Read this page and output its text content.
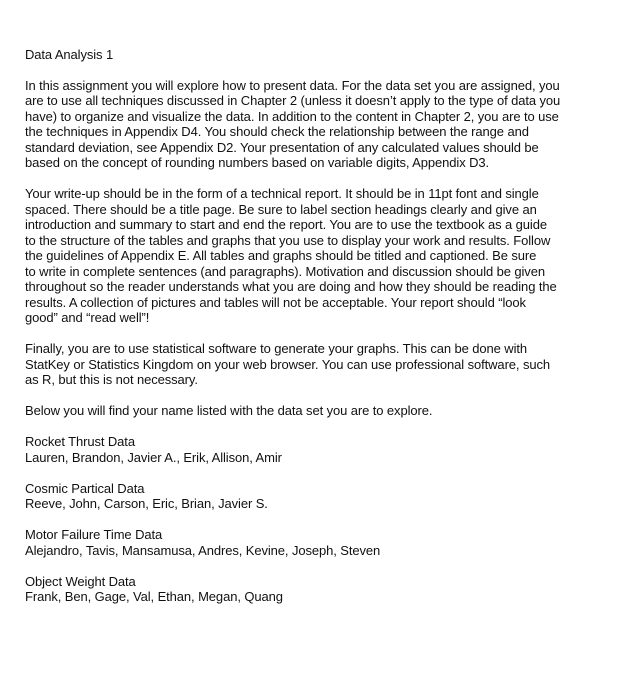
Data Analysis 1
In this assignment you will explore how to present data. For the data set you are assigned, you
are to use all techniques discussed in Chapter 2 (unless it doesn’t apply to the type of data you
have) to organize and visualize the data. In addition to the content in Chapter 2, you are to use
the techniques in Appendix D4. You should check the relationship between the range and
standard deviation, see Appendix D2. Your presentation of any calculated values should be
based on the concept of rounding numbers based on variable digits, Appendix D3.
Your write-up should be in the form of a technical report. It should be in 11pt font and single
spaced. There should be a title page. Be sure to label section headings clearly and give an
introduction and summary to start and end the report. You are to use the textbook as a guide
to the structure of the tables and graphs that you use to display your work and results. Follow
the guidelines of Appendix E. All tables and graphs should be titled and captioned. Be sure
to write in complete sentences (and paragraphs). Motivation and discussion should be given
throughout so the reader understands what you are doing and how they should be reading the
results. A collection of pictures and tables will not be acceptable. Your report should “look
good” and “read well”!
Finally, you are to use statistical software to generate your graphs. This can be done with
StatKey or Statistics Kingdom on your web browser. You can use professional software, such
as R, but this is not necessary.
Below you will find your name listed with the data set you are to explore.
Rocket Thrust Data
Lauren, Brandon, Javier A., Erik, Allison, Amir
Cosmic Partical Data
Reeve, John, Carson, Eric, Brian, Javier S.
Motor Failure Time Data
Alejandro, Tavis, Mansamusa, Andres, Kevine, Joseph, Steven
Object Weight Data
Frank, Ben, Gage, Val, Ethan, Megan, Quang
